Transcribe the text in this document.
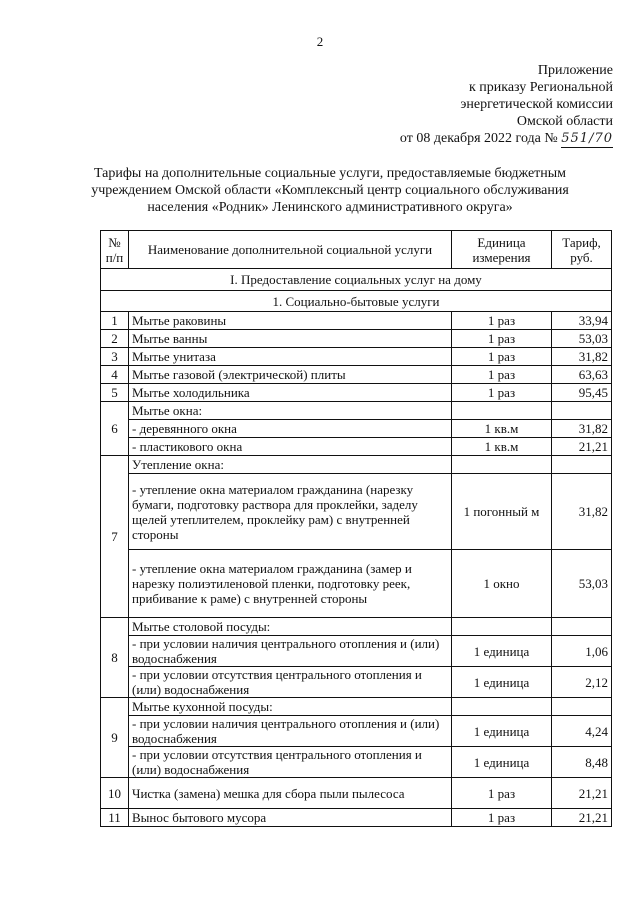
2
Приложение
к приказу Региональной
энергетической комиссии
Омской области
от 08 декабря 2022 года № 551/70
Тарифы на дополнительные социальные услуги, предоставляемые бюджетным учреждением Омской области «Комплексный центр социального обслуживания населения «Родник» Ленинского административного округа»
№ п/п	Наименование дополнительной социальной услуги	Единица измерения	Тариф, руб.
I. Предоставление социальных услуг на дому			
1. Социально-бытовые услуги			
1	Мытье раковины	1 раз	33,94
2	Мытье ванны	1 раз	53,03
3	Мытье унитаза	1 раз	31,82
4	Мытье газовой (электрической) плиты	1 раз	63,63
5	Мытье холодильника	1 раз	95,45
6	Мытье окна:		
	- деревянного окна	1 кв.м	31,82
	- пластикового окна	1 кв.м	21,21
7	Утепление окна:		
	- утепление окна материалом гражданина (нарезку бумаги, подготовку раствора для проклейки, заделу щелей утеплителем, проклейку рам) с внутренней стороны	1 погонный м	31,82
	- утепление окна материалом гражданина (замер и нарезку полиэтиленовой пленки, подготовку реек, прибивание к раме) с внутренней стороны	1 окно	53,03
8	Мытье столовой посуды:		
	- при условии наличия центрального отопления и (или) водоснабжения	1 единица	1,06
	- при условии отсутствия центрального отопления и (или) водоснабжения	1 единица	2,12
9	Мытье кухонной посуды:		
	- при условии наличия центрального отопления и (или) водоснабжения	1 единица	4,24
	- при условии отсутствия центрального отопления и (или) водоснабжения	1 единица	8,48
10	Чистка (замена) мешка для сбора пыли пылесоса	1 раз	21,21
11	Вынос бытового мусора	1 раз	21,21
